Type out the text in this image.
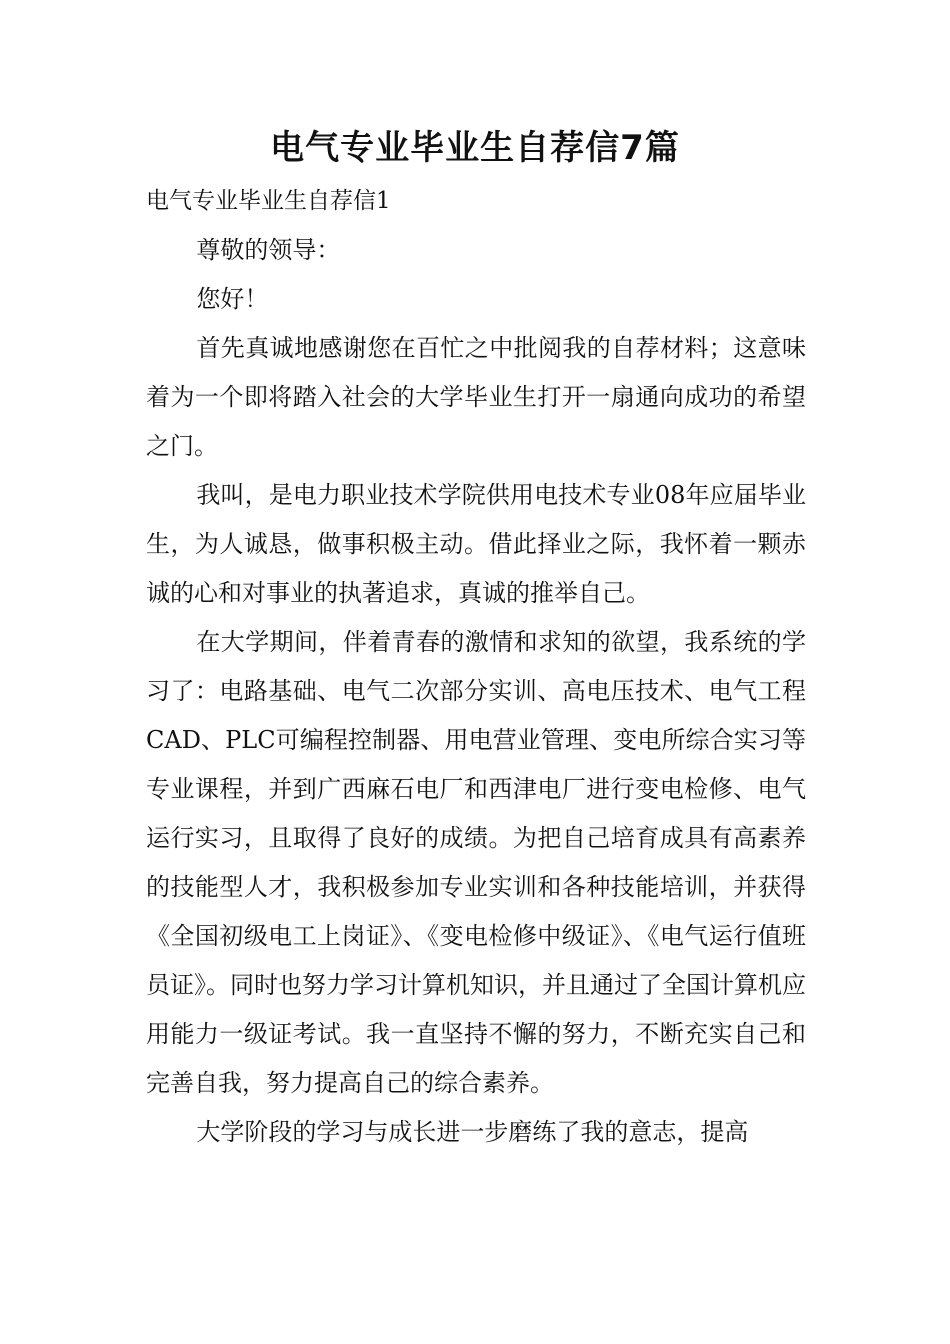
电气专业毕业生自荐信7篇

电气专业毕业生自荐信1

尊敬的领导：

您好！

首先真诚地感谢您在百忙之中批阅我的自荐材料；这意味着为一个即将踏入社会的大学毕业生打开一扇通向成功的希望之门。

我叫，是电力职业技术学院供用电技术专业08年应届毕业生，为人诚恳，做事积极主动。借此择业之际，我怀着一颗赤诚的心和对事业的执著追求，真诚的推举自己。

在大学期间，伴着青春的激情和求知的欲望，我系统的学习了：电路基础、电气二次部分实训、高电压技术、电气工程CAD、PLC可编程控制器、用电营业管理、变电所综合实习等专业课程，并到广西麻石电厂和西津电厂进行变电检修、电气运行实习，且取得了良好的成绩。为把自己培育成具有高素养的技能型人才，我积极参加专业实训和各种技能培训，并获得《全国初级电工上岗证》、《变电检修中级证》、《电气运行值班员证》。同时也努力学习计算机知识，并且通过了全国计算机应用能力一级证考试。我一直坚持不懈的努力，不断充实自己和完善自我，努力提高自己的综合素养。

大学阶段的学习与成长进一步磨练了我的意志，提高
